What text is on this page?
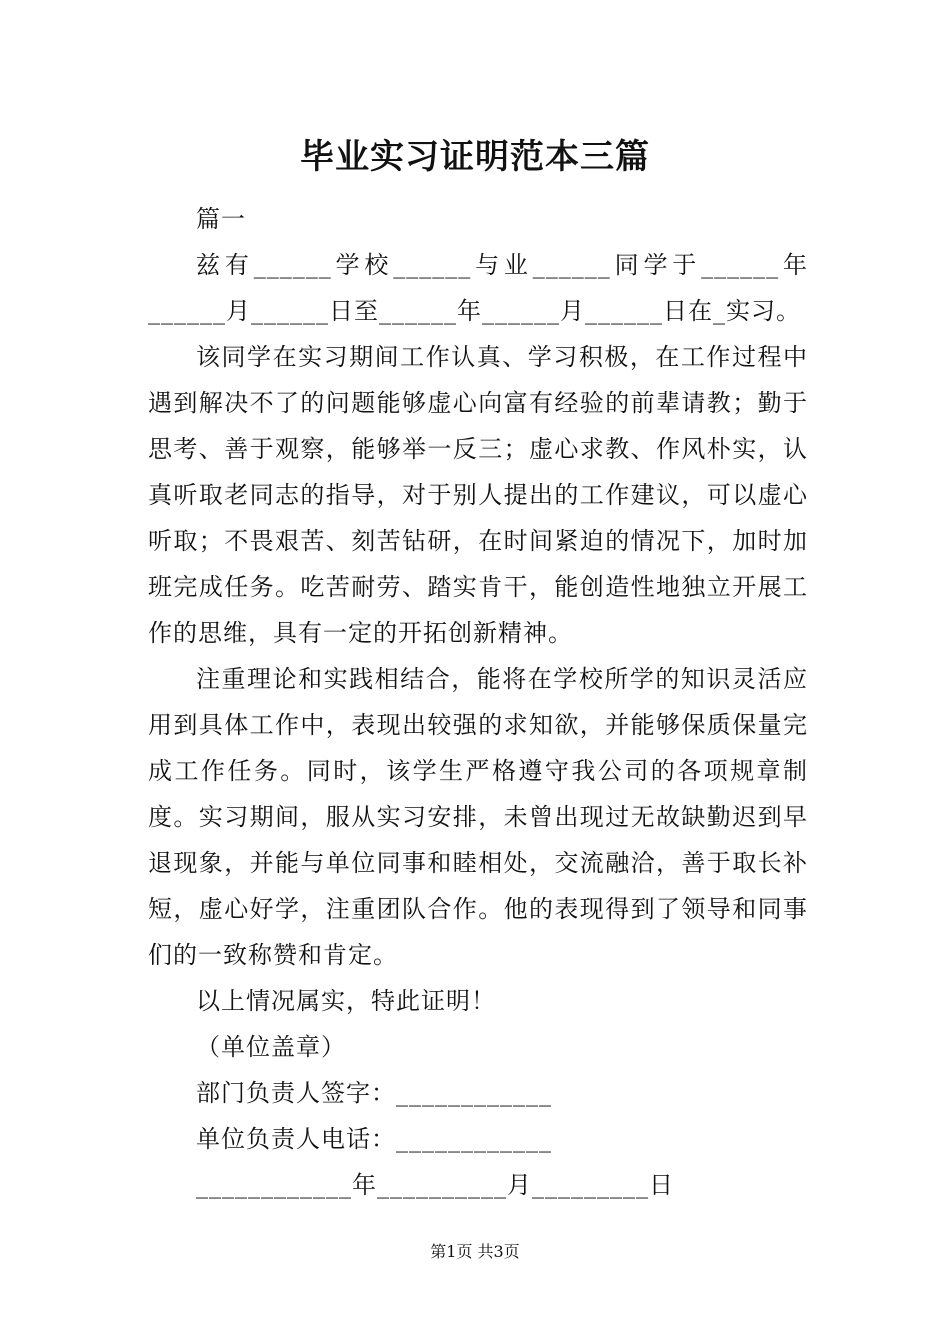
毕业实习证明范本三篇

篇一

兹有______学校______与业______同学于______年______月______日至______年______月______日在_实习。

该同学在实习期间工作认真、学习积极，在工作过程中遇到解决不了的问题能够虚心向富有经验的前辈请教；勤于思考、善于观察，能够举一反三；虚心求教、作风朴实，认真听取老同志的指导，对于别人提出的工作建议，可以虚心听取；不畏艰苦、刻苦钻研，在时间紧迫的情况下，加时加班完成任务。吃苦耐劳、踏实肯干，能创造性地独立开展工作的思维，具有一定的开拓创新精神。

注重理论和实践相结合，能将在学校所学的知识灵活应用到具体工作中，表现出较强的求知欲，并能够保质保量完成工作任务。同时，该学生严格遵守我公司的各项规章制度。实习期间，服从实习安排，未曾出现过无故缺勤迟到早退现象，并能与单位同事和睦相处，交流融洽，善于取长补短，虚心好学，注重团队合作。他的表现得到了领导和同事们的一致称赞和肯定。

以上情况属实，特此证明！

（单位盖章）

部门负责人签字：____________

单位负责人电话：____________

____________年__________月_________日

第1页 共3页
